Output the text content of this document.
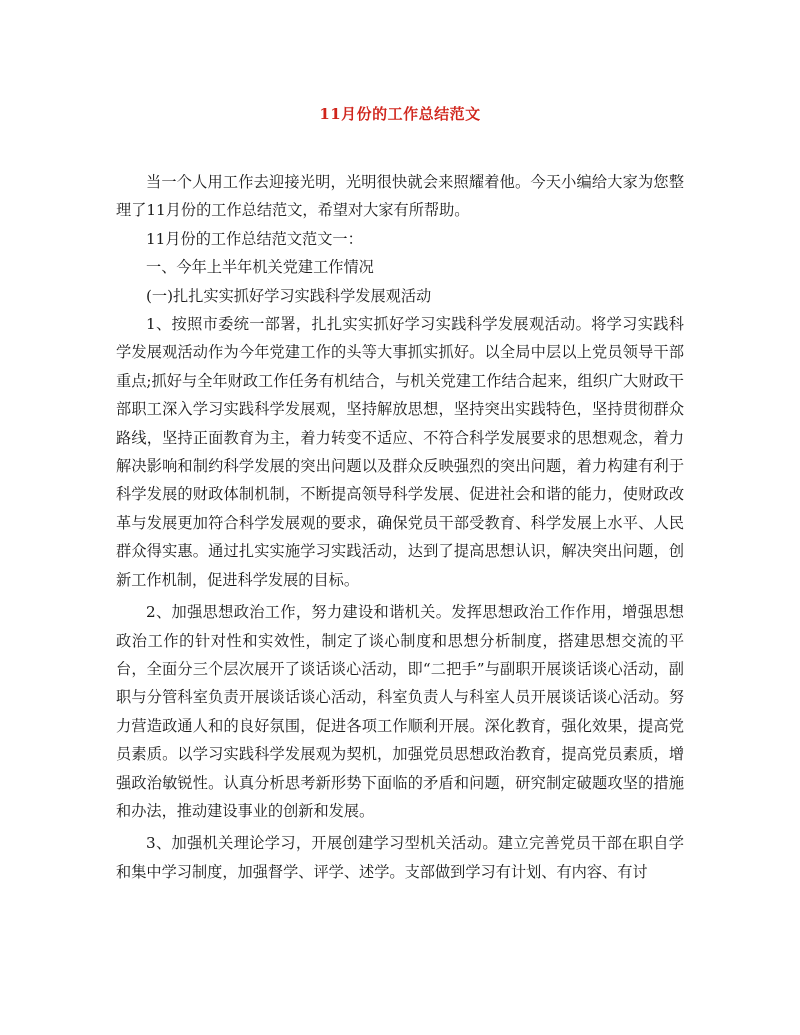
11月份的工作总结范文

当一个人用工作去迎接光明，光明很快就会来照耀着他。今天小编给大家为您整理了11月份的工作总结范文，希望对大家有所帮助。

11月份的工作总结范文范文一：

一、今年上半年机关党建工作情况

(一)扎扎实实抓好学习实践科学发展观活动

1、按照市委统一部署，扎扎实实抓好学习实践科学发展观活动。将学习实践科学发展观活动作为今年党建工作的头等大事抓实抓好。以全局中层以上党员领导干部重点;抓好与全年财政工作任务有机结合，与机关党建工作结合起来，组织广大财政干部职工深入学习实践科学发展观，坚持解放思想，坚持突出实践特色，坚持贯彻群众路线，坚持正面教育为主，着力转变不适应、不符合科学发展要求的思想观念，着力解决影响和制约科学发展的突出问题以及群众反映强烈的突出问题，着力构建有利于科学发展的财政体制机制，不断提高领导科学发展、促进社会和谐的能力，使财政改革与发展更加符合科学发展观的要求，确保党员干部受教育、科学发展上水平、人民群众得实惠。通过扎实实施学习实践活动，达到了提高思想认识，解决突出问题，创新工作机制，促进科学发展的目标。

2、加强思想政治工作，努力建设和谐机关。发挥思想政治工作作用，增强思想政治工作的针对性和实效性，制定了谈心制度和思想分析制度，搭建思想交流的平台，全面分三个层次展开了谈话谈心活动，即“二把手”与副职开展谈话谈心活动，副职与分管科室负责开展谈话谈心活动，科室负责人与科室人员开展谈话谈心活动。努力营造政通人和的良好氛围，促进各项工作顺利开展。深化教育，强化效果，提高党员素质。以学习实践科学发展观为契机，加强党员思想政治教育，提高党员素质，增强政治敏锐性。认真分析思考新形势下面临的矛盾和问题，研究制定破题攻坚的措施和办法，推动建设事业的创新和发展。

3、加强机关理论学习，开展创建学习型机关活动。建立完善党员干部在职自学和集中学习制度，加强督学、评学、述学。支部做到学习有计划、有内容、有讨
